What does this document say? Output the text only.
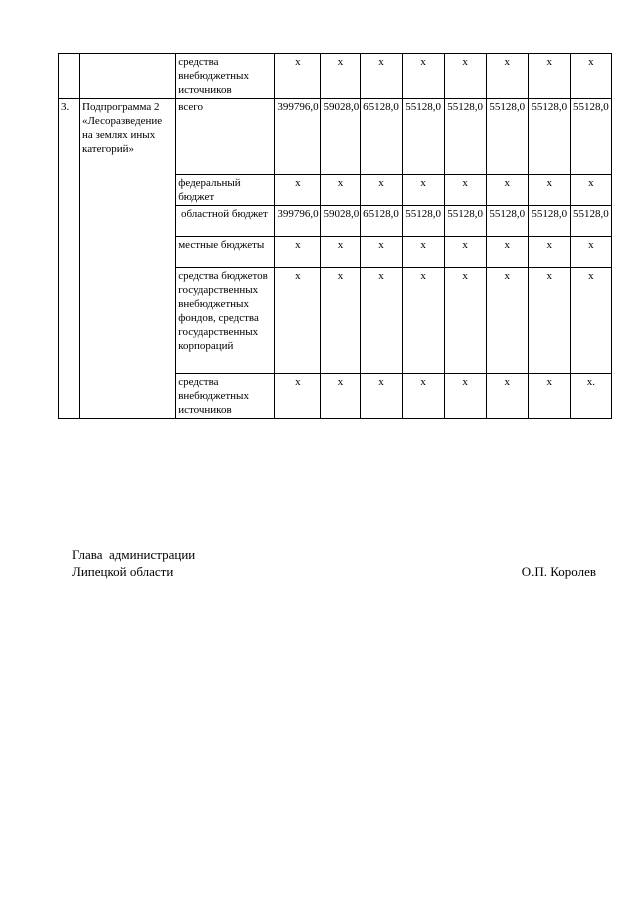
		средства внебюджетных источников	х	х	х	х	х	х	х	х
3.	Подпрограмма 2 «Лесоразведение на землях иных категорий»	всего	399796,0	59028,0	65128,0	55128,0	55128,0	55128,0	55128,0	55128,0
		федеральный бюджет	х	х	х	х	х	х	х	х
		областной бюджет	399796,0	59028,0	65128,0	55128,0	55128,0	55128,0	55128,0	55128,0
		местные бюджеты	х	х	х	х	х	х	х	х
		средства бюджетов государственных внебюджетных фондов, средства государственных корпораций	х	х	х	х	х	х	х	х
		средства внебюджетных источников	х	х	х	х	х	х	х	х.
Глава  администрации
Липецкой области	О.П. Королев
